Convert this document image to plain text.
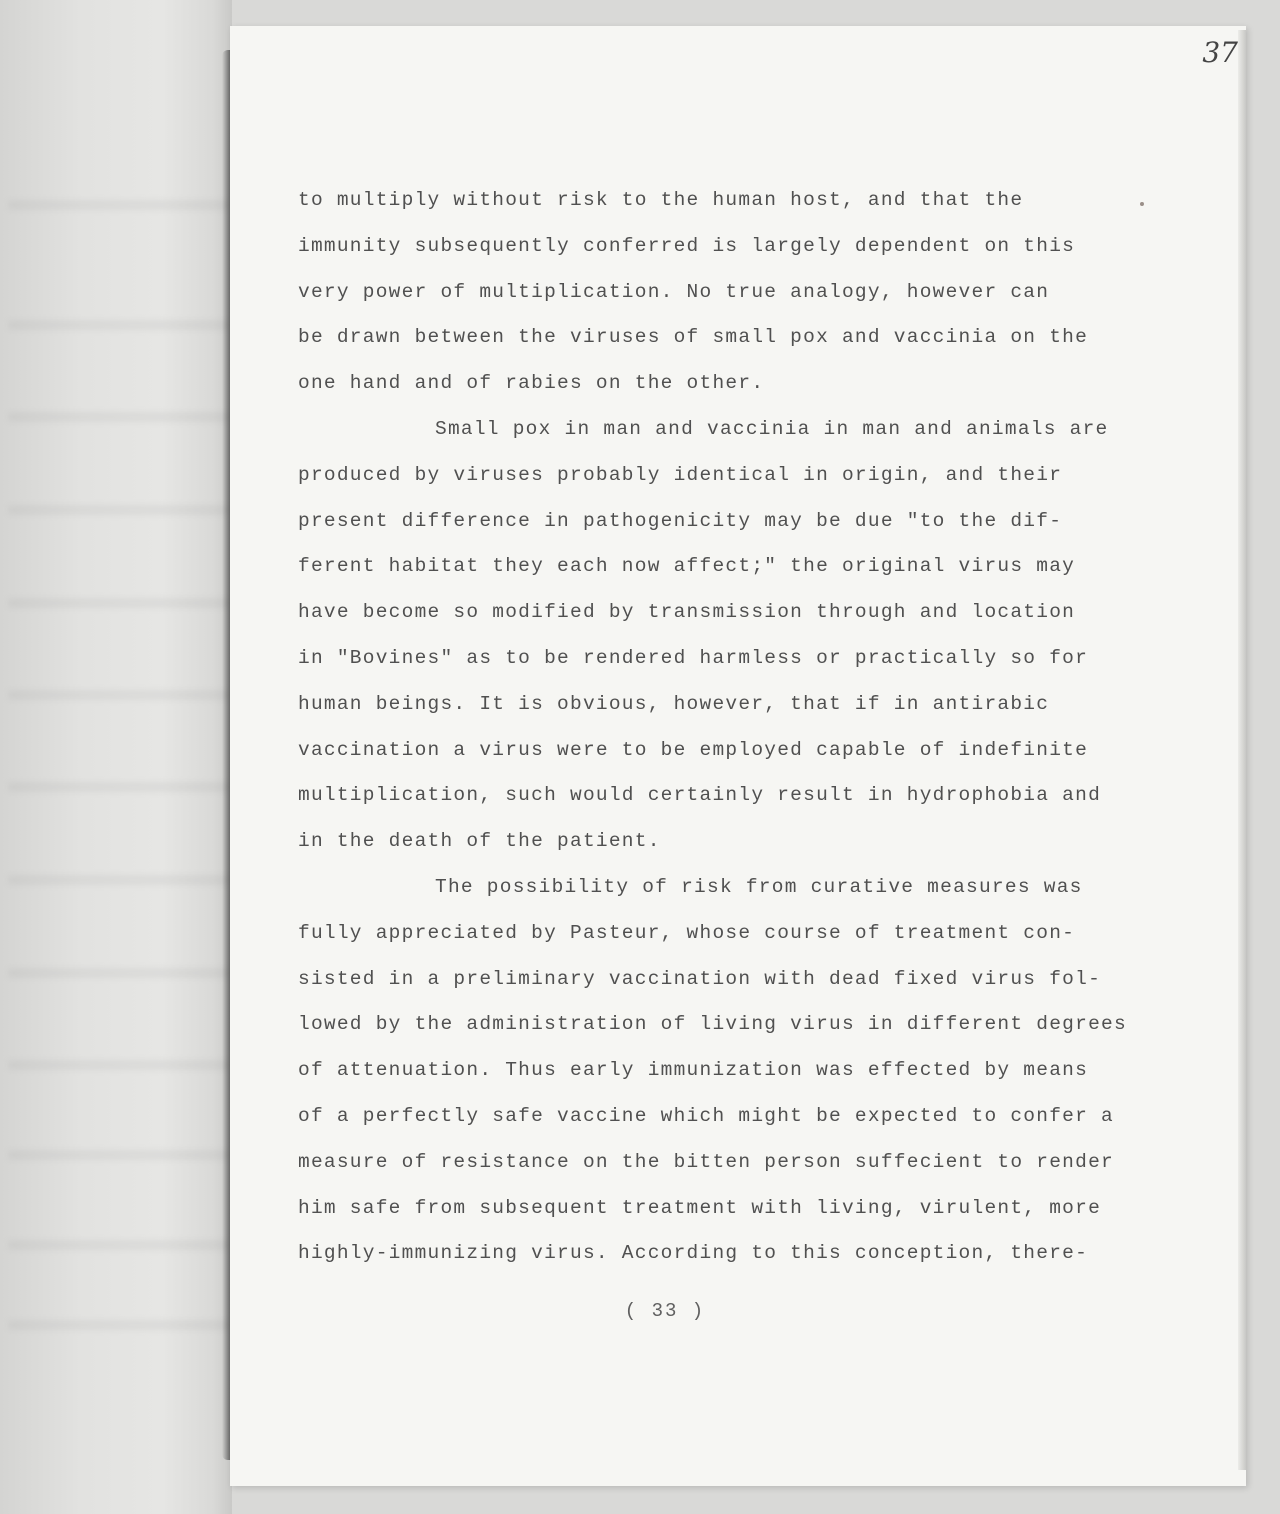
37
to multiply without risk to the human host, and that the
immunity subsequently conferred is largely dependent on this
very power of multiplication. No true analogy, however can
be drawn between the viruses of small pox and vaccinia on the
one hand and of rabies on the other.
Small pox in man and vaccinia in man and animals are
produced by viruses probably identical in origin, and their
present difference in pathogenicity may be due "to the dif-
ferent habitat they each now affect;" the original virus may
have become so modified by transmission through and location
in "Bovines" as to be rendered harmless or practically so for
human beings. It is obvious, however, that if in antirabic
vaccination a virus were to be employed capable of indefinite
multiplication, such would certainly result in hydrophobia and
in the death of the patient.
The possibility of risk from curative measures was
fully appreciated by Pasteur, whose course of treatment con-
sisted in a preliminary vaccination with dead fixed virus fol-
lowed by the administration of living virus in different degrees
of attenuation. Thus early immunization was effected by means
of a perfectly safe vaccine which might be expected to confer a
measure of resistance on the bitten person suffecient to render
him safe from subsequent treatment with living, virulent, more
highly-immunizing virus. According to this conception, there-
( 33 )
